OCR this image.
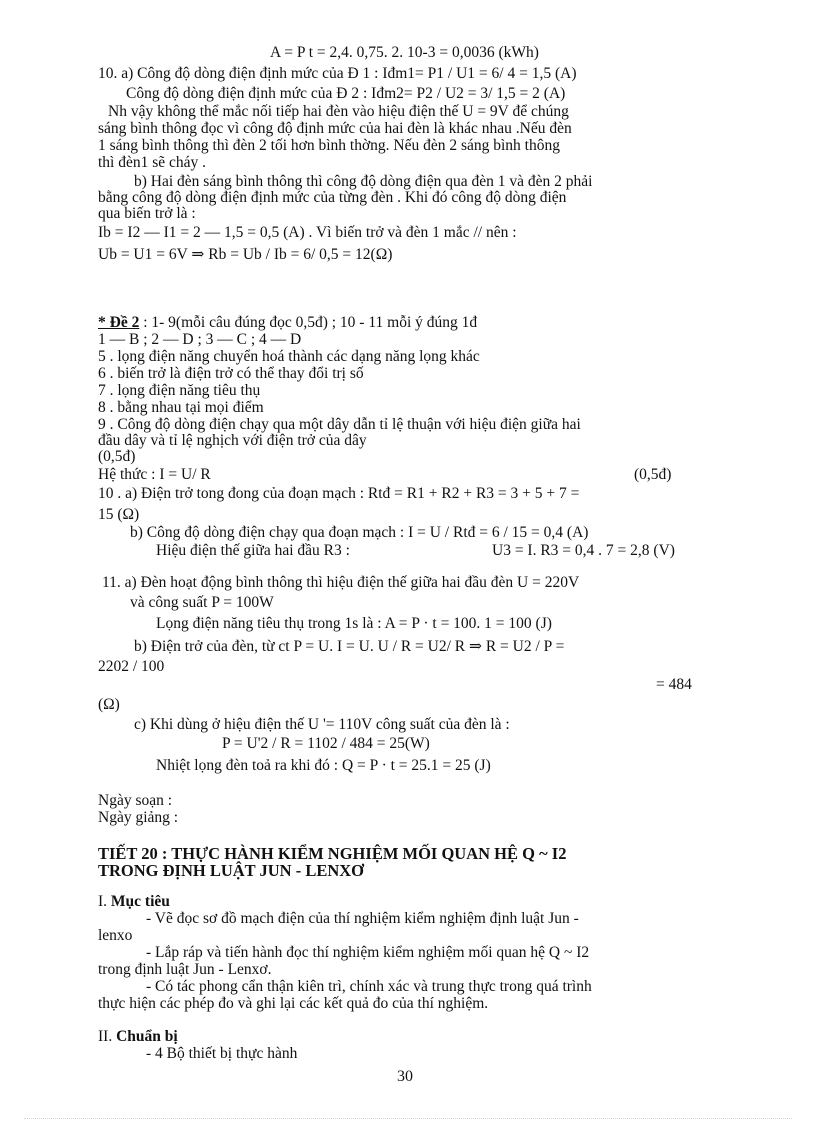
A = P t = 2,4. 0,75. 2. 10-3 = 0,0036 (kWh)
10. a) Công độ dòng điện định mức của Đ 1 : Iđm1= P1 / U1 = 6/ 4 = 1,5 (A)
Công độ dòng điện định mức của Đ 2 : Iđm2= P2 / U2 = 3/ 1,5 = 2 (A)
Nh vậy không thể mắc nối tiếp hai đèn vào hiệu điện thế U = 9V để chúng
sáng bình thông đọc vì công độ định mức của hai đèn là khác nhau .Nếu đèn
1 sáng bình thông thì đèn 2 tối hơn bình thờng. Nếu đèn 2 sáng bình thông
thì đèn1 sẽ cháy .
b) Hai đèn sáng bình thông thì công độ dòng điện qua đèn 1 và đèn 2 phải
bằng công độ dòng điện định mức của từng đèn . Khi đó công độ dòng điện
qua biến trở là :
Ib = I2 — I1 = 2 — 1,5 = 0,5 (A) . Vì biến trở và đèn 1 mắc // nên :
Ub = U1 = 6V ⇒ Rb = Ub / Ib = 6/ 0,5 = 12(Ω)
* Đề 2 : 1- 9(mỗi câu đúng đọc 0,5đ) ; 10 - 11 mỗi ý đúng 1đ
1 — B ; 2 — D ; 3 — C ; 4 — D
5 . lọng điện năng chuyển hoá thành các dạng năng lọng khác
6 . biến trở là điện trở có thể thay đổi trị số
7 . lọng điện năng tiêu thụ
8 . bằng nhau tại mọi điểm
9 . Công độ dòng điện chạy qua một dây dẫn tỉ lệ thuận với hiệu điện giữa hai
đầu dây và tỉ lệ nghịch với điện trở của dây
(0,5đ)
Hệ thức : I = U/ R	(0,5đ)
10 . a) Điện trở tong đong của đoạn mạch : Rtđ = R1 + R2 + R3 = 3 + 5 + 7 =
15 (Ω)
b) Công độ dòng điện chạy qua đoạn mạch : I = U / Rtđ = 6 / 15 = 0,4 (A)
Hiệu điện thế giữa hai đầu R3 :	U3 = I. R3 = 0,4 . 7 = 2,8 (V)
11. a) Đèn hoạt động bình thông thì hiệu điện thế giữa hai đầu đèn U = 220V
và công suất P = 100W
Lọng điện năng tiêu thụ trong 1s là : A = P · t = 100. 1 = 100 (J)
b) Điện trở của đèn, từ ct P = U. I = U. U / R = U2/ R ⇒ R = U2 / P =
2202 / 100
= 484
(Ω)
c) Khi dùng ở hiệu điện thế U '= 110V công suất của đèn là :
P = U'2 / R = 1102 / 484 = 25(W)
Nhiệt lọng đèn toả ra khi đó : Q = P · t = 25.1 = 25 (J)
Ngày soạn :
Ngày giảng :
TIẾT 20 : THỰC HÀNH KIỂM NGHIỆM MỐI QUAN HỆ Q ~ I2
TRONG ĐỊNH LUẬT JUN - LENXƠ
I. Mục tiêu
- Vẽ đọc sơ đồ mạch điện của thí nghiệm kiểm nghiệm định luật Jun -
lenxo
- Lắp ráp và tiến hành đọc thí nghiệm kiểm nghiệm mối quan hệ Q ~ I2
trong định luật Jun - Lenxơ.
- Có tác phong cẩn thận kiên trì, chính xác và trung thực trong quá trình
thực hiện các phép đo và ghi lại các kết quả đo của thí nghiệm.
II. Chuẩn bị
- 4 Bộ thiết bị thực hành
30
